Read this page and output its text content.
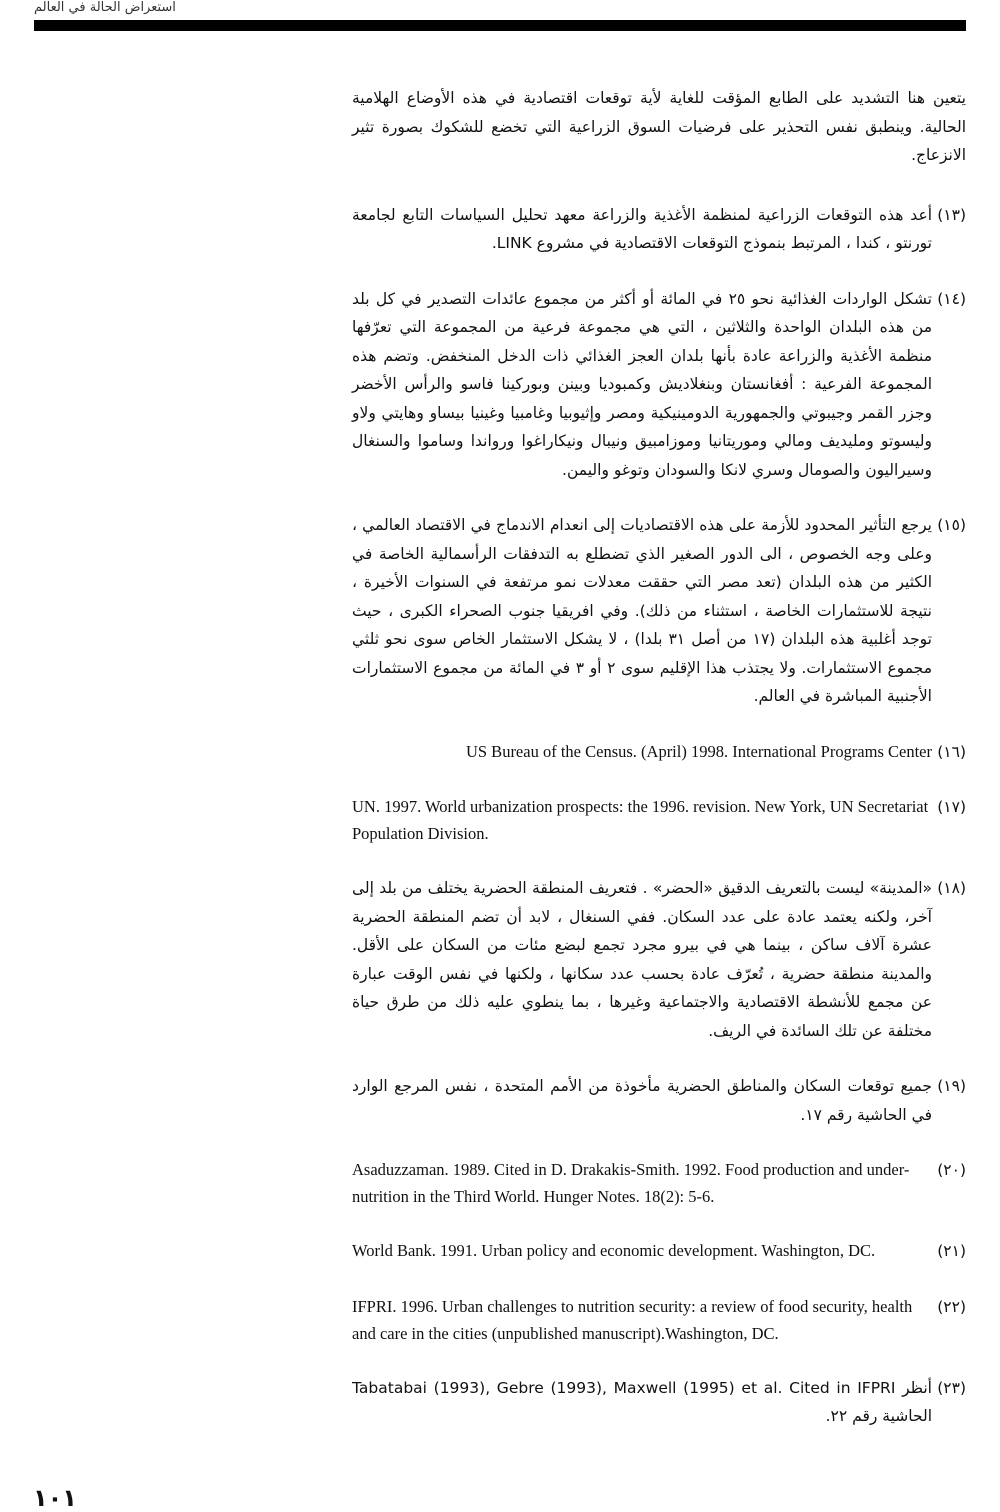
استعراض الحالة في العالم

يتعين هنا التشديد على الطابع المؤقت للغاية لأية توقعات اقتصادية في هذه الأوضاع الهلامية الحالية. وينطبق نفس التحذير على فرضيات السوق الزراعية التي تخضع للشكوك بصورة تثير الانزعاج.

(١٣)
أعد هذه التوقعات الزراعية لمنظمة الأغذية والزراعة معهد تحليل السياسات التابع لجامعة تورنتو ، كندا ، المرتبط بنموذج التوقعات الاقتصادية في مشروع LINK.
(١٤)
تشكل الواردات الغذائية نحو ٢٥ في المائة أو أكثر من مجموع عائدات التصدير في كل بلد من هذه البلدان الواحدة والثلاثين ، التي هي مجموعة فرعية من المجموعة التي تعرّفها منظمة الأغذية والزراعة عادة بأنها بلدان العجز الغذائي ذات الدخل المنخفض. وتضم هذه المجموعة الفرعية : أفغانستان وبنغلاديش وكمبوديا وبينن وبوركينا فاسو والرأس الأخضر وجزر القمر وجيبوتي والجمهورية الدومينيكية ومصر وإثيوبيا وغامبيا وغينيا بيساو وهايتي ولاو وليسوتو ومليديف ومالي وموريتانيا وموزامبيق ونيبال ونيكاراغوا ورواندا وساموا والسنغال وسيراليون والصومال وسري لانكا والسودان وتوغو واليمن.
(١٥)
يرجع التأثير المحدود للأزمة على هذه الاقتصاديات إلى انعدام الاندماج في الاقتصاد العالمي ، وعلى وجه الخصوص ، الى الدور الصغير الذي تضطلع به التدفقات الرأسمالية الخاصة في الكثير من هذه البلدان (تعد مصر التي حققت معدلات نمو مرتفعة في السنوات الأخيرة ، نتيجة للاستثمارات الخاصة ، استثناء من ذلك). وفي افريقيا جنوب الصحراء الكبرى ، حيث توجد أغلبية هذه البلدان (١٧ من أصل ٣١ بلدا) ، لا يشكل الاستثمار الخاص سوى نحو ثلثي مجموع الاستثمارات. ولا يجتذب هذا الإقليم سوى ٢ أو ٣ في المائة من مجموع الاستثمارات الأجنبية المباشرة في العالم.
(١٦)
US Bureau of the Census. (April) 1998. International Programs Center
(١٧)
UN. 1997. World urbanization prospects: the 1996. revision. New York, UN Secretariat Population Division.
(١٨)
«المدينة» ليست بالتعريف الدقيق «الحضر» . فتعريف المنطقة الحضرية يختلف من بلد إلى آخر، ولكنه يعتمد عادة على عدد السكان. ففي السنغال ، لابد أن تضم المنطقة الحضرية عشرة آلاف ساكن ، بينما هي في بيرو مجرد تجمع لبضع مئات من السكان على الأقل. والمدينة منطقة حضرية ، تُعرّف عادة بحسب عدد سكانها ، ولكنها في نفس الوقت عبارة عن مجمع للأنشطة الاقتصادية والاجتماعية وغيرها ، بما ينطوي عليه ذلك من طرق حياة مختلفة عن تلك السائدة في الريف.
(١٩)
جميع توقعات السكان والمناطق الحضرية مأخوذة من الأمم المتحدة ، نفس المرجع الوارد في الحاشية رقم ١٧.
(٢٠)
Asaduzzaman. 1989. Cited in D. Drakakis-Smith. 1992. Food production and under-nutrition in the Third World. Hunger Notes. 18(2): 5-6.
(٢١)
World Bank. 1991. Urban policy and economic development. Washington, DC.
(٢٢)
IFPRI. 1996. Urban challenges to nutrition security: a review of food security, health and care in the cities (unpublished manuscript).Washington, DC.
(٢٣)
أنظر Tabatabai (1993), Gebre (1993), Maxwell (1995) et al. Cited in IFPRI الحاشية رقم ٢٢.
١٠١
